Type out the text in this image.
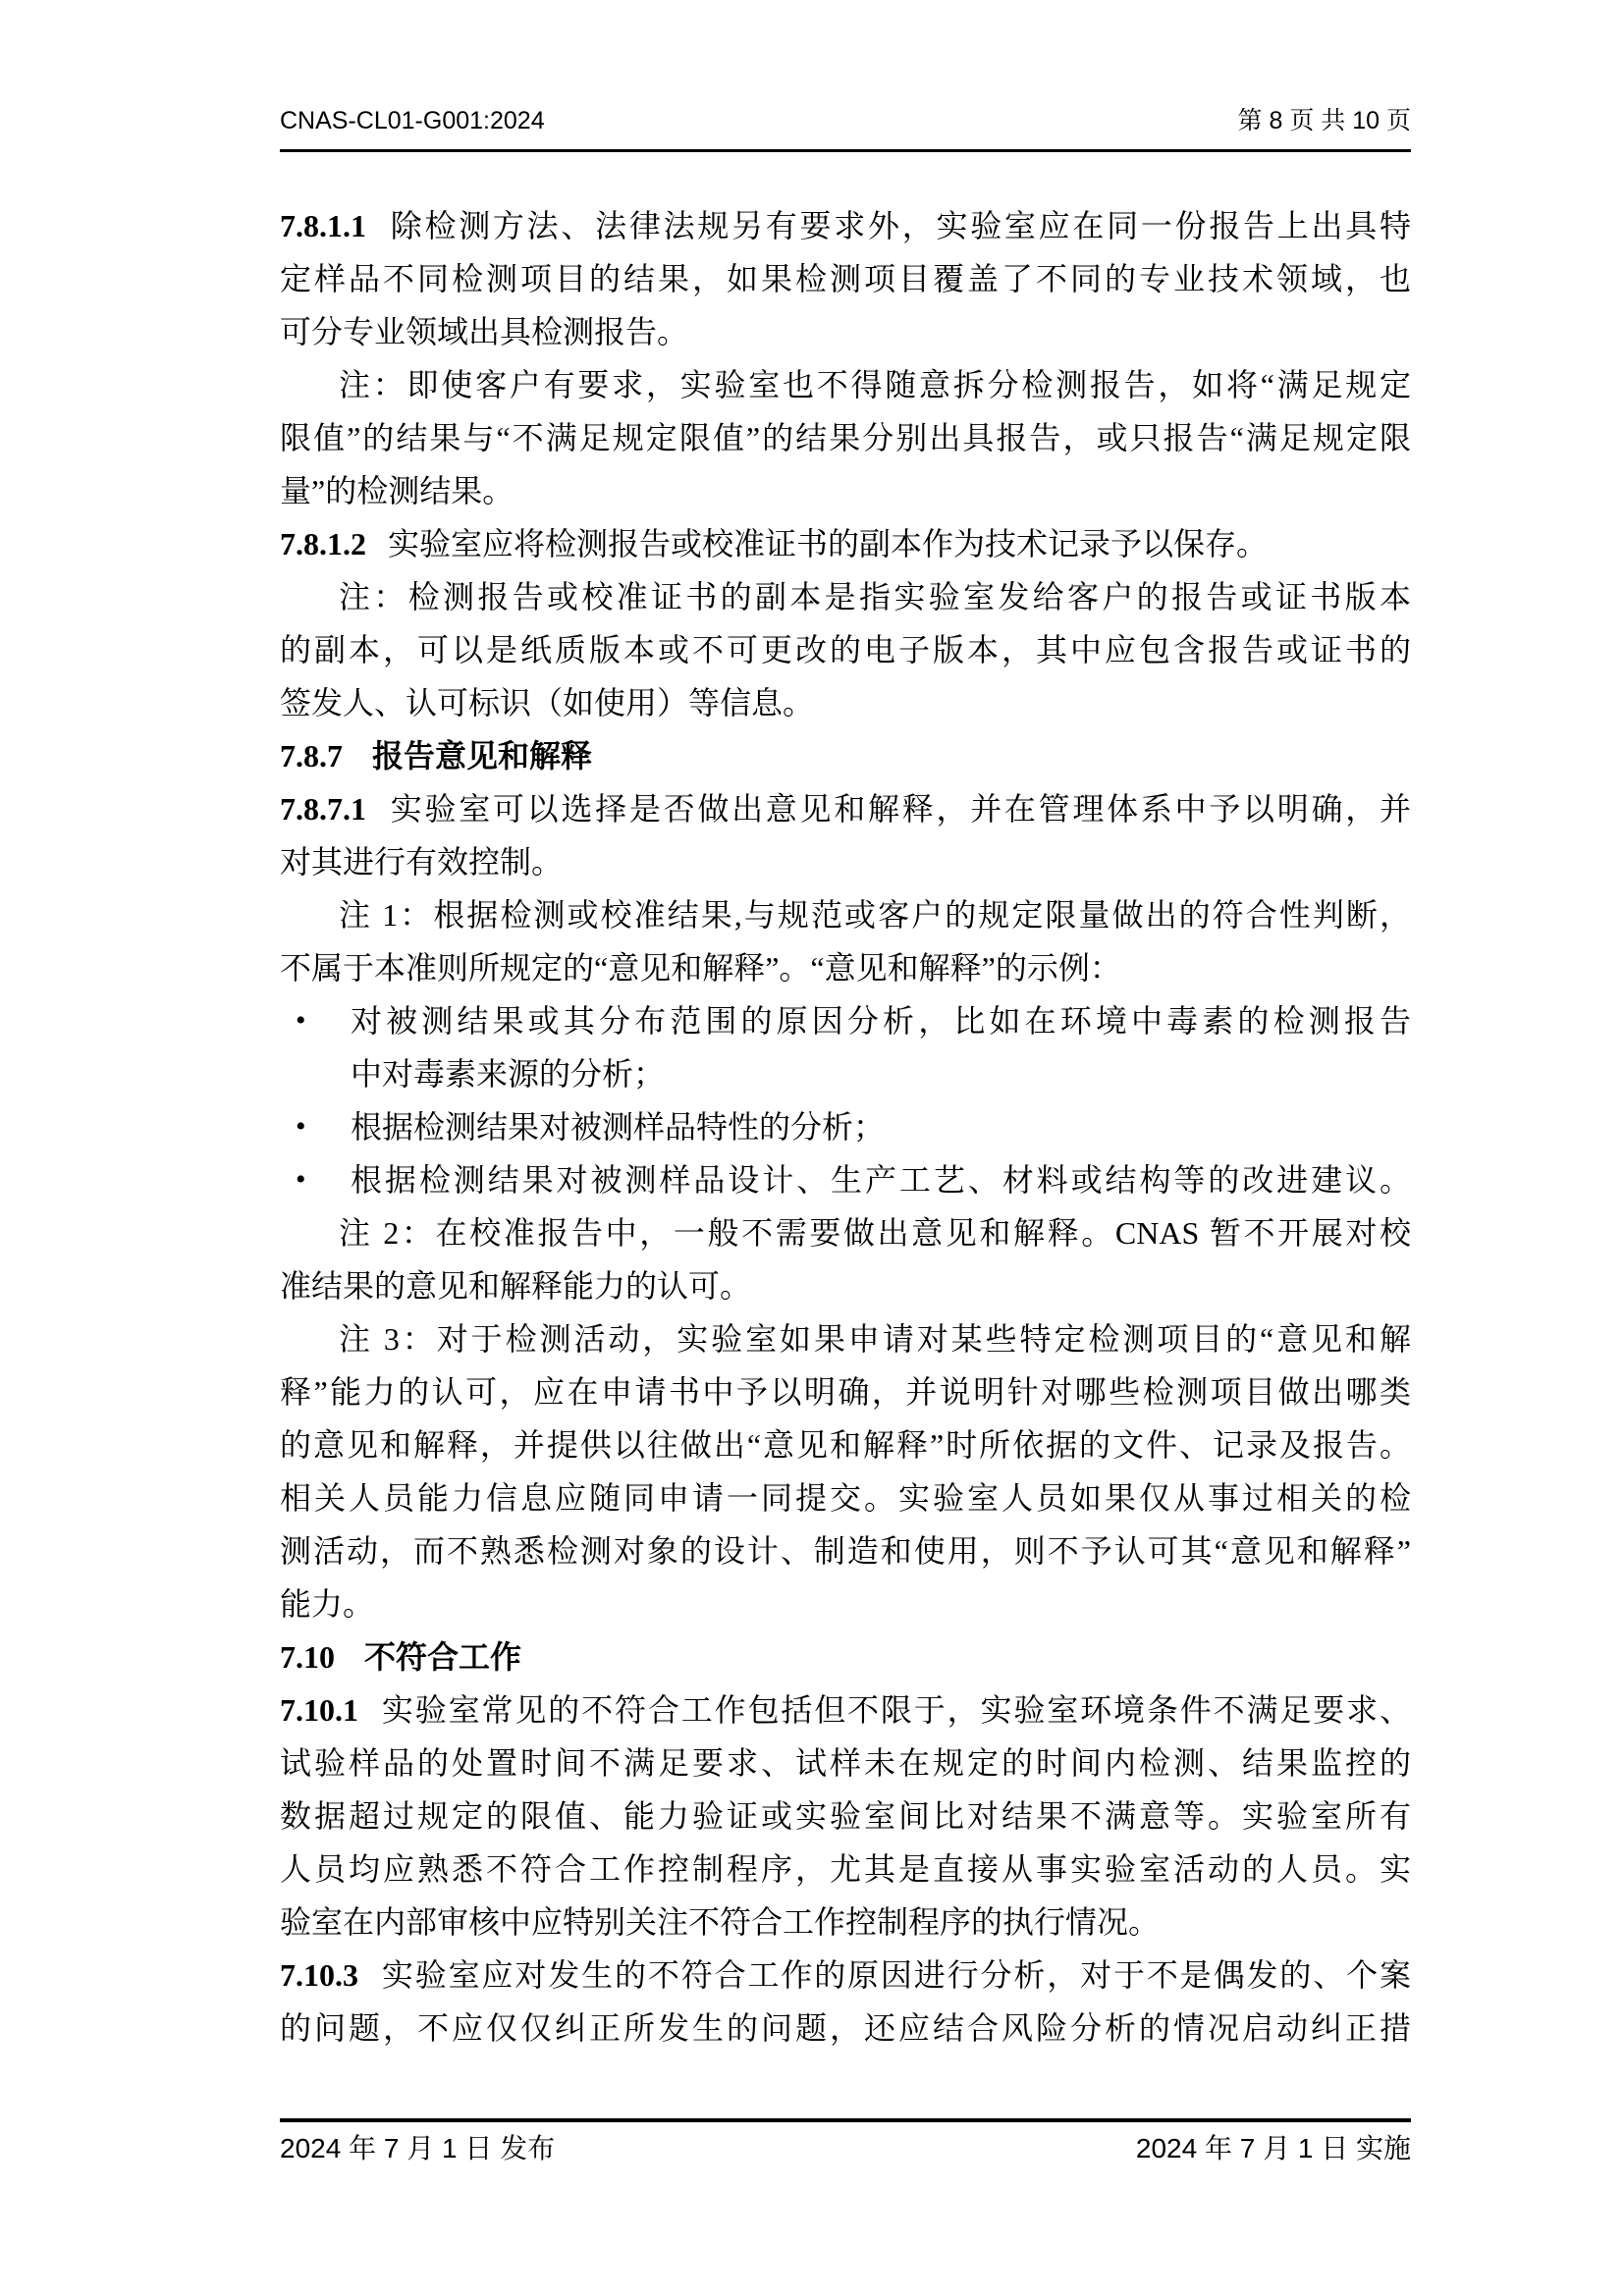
CNAS-CL01-G001:2024	第 8 页 共 10 页
7.8.1.1 除检测方法、法律法规另有要求外，实验室应在同一份报告上出具特
定样品不同检测项目的结果，如果检测项目覆盖了不同的专业技术领域，也
可分专业领域出具检测报告。
注：即使客户有要求，实验室也不得随意拆分检测报告，如将“满足规定
限值”的结果与“不满足规定限值”的结果分别出具报告，或只报告“满足规定限
量”的检测结果。
7.8.1.2 实验室应将检测报告或校准证书的副本作为技术记录予以保存。
注：检测报告或校准证书的副本是指实验室发给客户的报告或证书版本
的副本，可以是纸质版本或不可更改的电子版本，其中应包含报告或证书的
签发人、认可标识（如使用）等信息。
7.8.7 报告意见和解释
7.8.7.1 实验室可以选择是否做出意见和解释，并在管理体系中予以明确，并
对其进行有效控制。
注 1：根据检测或校准结果,与规范或客户的规定限量做出的符合性判断，
不属于本准则所规定的“意见和解释”。“意见和解释”的示例：
• 对被测结果或其分布范围的原因分析，比如在环境中毒素的检测报告
中对毒素来源的分析；
• 根据检测结果对被测样品特性的分析；
• 根据检测结果对被测样品设计、生产工艺、材料或结构等的改进建议。
注 2：在校准报告中，一般不需要做出意见和解释。CNAS 暂不开展对校
准结果的意见和解释能力的认可。
注 3：对于检测活动，实验室如果申请对某些特定检测项目的“意见和解
释”能力的认可，应在申请书中予以明确，并说明针对哪些检测项目做出哪类
的意见和解释，并提供以往做出“意见和解释”时所依据的文件、记录及报告。
相关人员能力信息应随同申请一同提交。实验室人员如果仅从事过相关的检
测活动，而不熟悉检测对象的设计、制造和使用，则不予认可其“意见和解释”
能力。
7.10 不符合工作
7.10.1 实验室常见的不符合工作包括但不限于，实验室环境条件不满足要求、
试验样品的处置时间不满足要求、试样未在规定的时间内检测、结果监控的
数据超过规定的限值、能力验证或实验室间比对结果不满意等。实验室所有
人员均应熟悉不符合工作控制程序，尤其是直接从事实验室活动的人员。实
验室在内部审核中应特别关注不符合工作控制程序的执行情况。
7.10.3 实验室应对发生的不符合工作的原因进行分析，对于不是偶发的、个案
的问题，不应仅仅纠正所发生的问题，还应结合风险分析的情况启动纠正措
2024 年 7 月 1 日 发布	2024 年 7 月 1 日 实施
